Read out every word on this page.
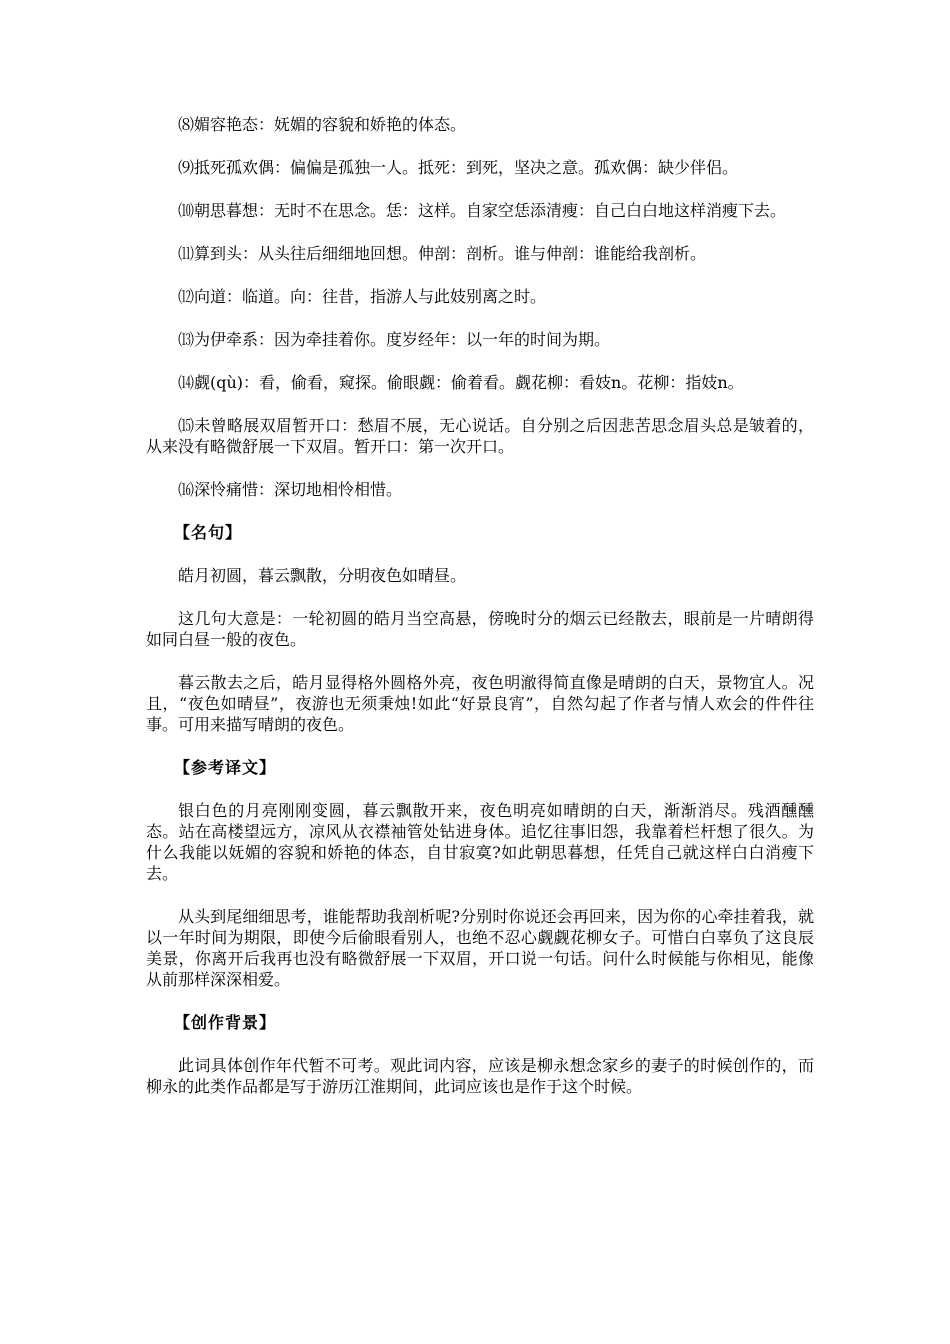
⑻媚容艳态：妩媚的容貌和娇艳的体态。

⑼抵死孤欢偶：偏偏是孤独一人。抵死：到死，坚决之意。孤欢偶：缺少伴侣。

⑽朝思暮想：无时不在思念。恁：这样。自家空恁添清瘦：自己白白地这样消瘦下去。

⑾算到头：从头往后细细地回想。伸剖：剖析。谁与伸剖：谁能给我剖析。

⑿向道：临道。向：往昔，指游人与此妓别离之时。

⒀为伊牵系：因为牵挂着你。度岁经年：以一年的时间为期。

⒁觑(qù)：看，偷看，窥探。偷眼觑：偷着看。觑花柳：看妓n。花柳：指妓n。

⒂未曾略展双眉暂开口：愁眉不展，无心说话。自分别之后因悲苦思念眉头总是皱着的，从来没有略微舒展一下双眉。暂开口：第一次开口。

⒃深怜痛惜：深切地相怜相惜。

【名句】

皓月初圆，暮云飘散，分明夜色如晴昼。

这几句大意是：一轮初圆的皓月当空高悬，傍晚时分的烟云已经散去，眼前是一片晴朗得如同白昼一般的夜色。

暮云散去之后，皓月显得格外圆格外亮，夜色明澈得简直像是晴朗的白天，景物宜人。况且，“夜色如晴昼”，夜游也无须秉烛!如此“好景良宵”，自然勾起了作者与情人欢会的件件往事。可用来描写晴朗的夜色。

【参考译文】

银白色的月亮刚刚变圆，暮云飘散开来，夜色明亮如晴朗的白天，渐渐消尽。残酒醺醺态。站在高楼望远方，凉风从衣襟袖管处钻进身体。追忆往事旧怨，我靠着栏杆想了很久。为什么我能以妩媚的容貌和娇艳的体态，自甘寂寞?如此朝思暮想，任凭自己就这样白白消瘦下去。

从头到尾细细思考，谁能帮助我剖析呢?分别时你说还会再回来，因为你的心牵挂着我，就以一年时间为期限，即使今后偷眼看别人，也绝不忍心觑觑花柳女子。可惜白白辜负了这良辰美景，你离开后我再也没有略微舒展一下双眉，开口说一句话。问什么时候能与你相见，能像从前那样深深相爱。

【创作背景】

此词具体创作年代暂不可考。观此词内容，应该是柳永想念家乡的妻子的时候创作的，而柳永的此类作品都是写于游历江淮期间，此词应该也是作于这个时候。
